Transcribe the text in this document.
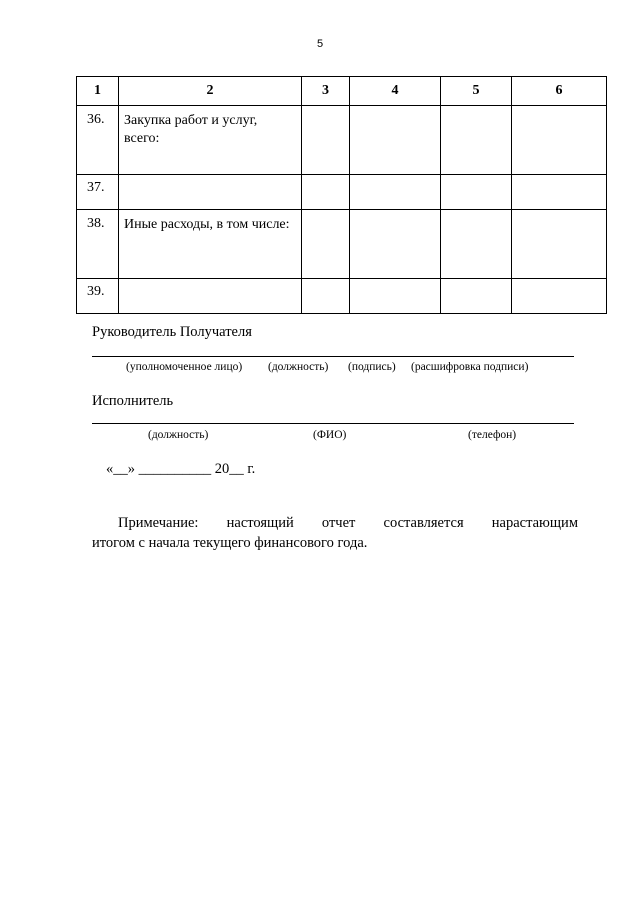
5
1	2	3	4	5	6
36.	Закупка работ и услуг, всего:				
37.					
38.	Иные расходы, в том числе:				
39.					
Руководитель Получателя
(уполномоченное лицо) (должность) (подпись) (расшифровка подписи)
Исполнитель
(должность)	(ФИО)	(телефон)
«__» __________ 20__ г.
Примечание: настоящий отчет составляется нарастающим
итогом с начала текущего финансового года.
